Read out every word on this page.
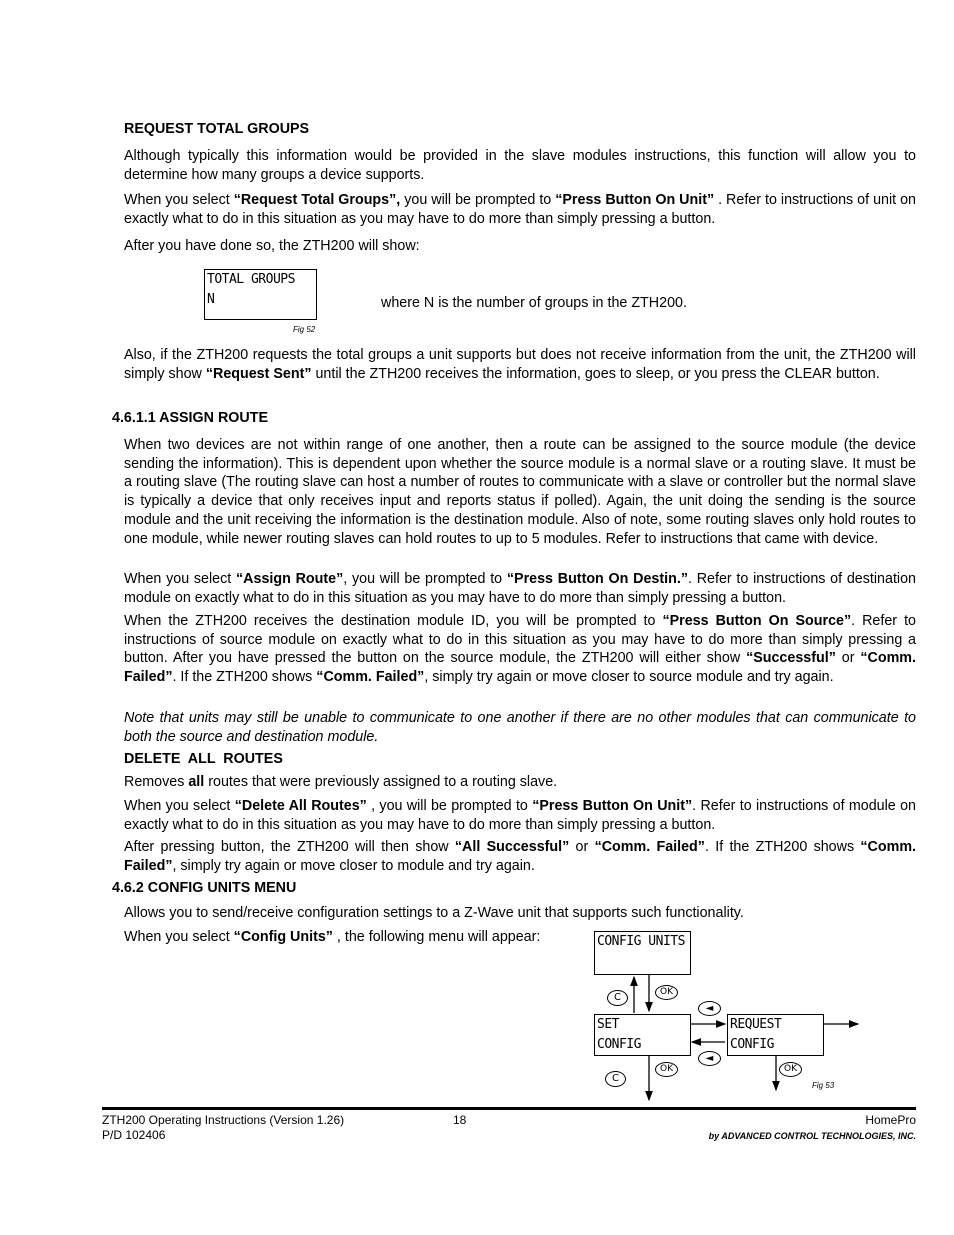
REQUEST TOTAL GROUPS
Although typically this information would be provided in the slave modules instructions, this function will allow you to determine how many groups a device supports.
When you select “Request Total Groups”, you will be prompted to “Press Button On Unit” . Refer to instructions of unit on exactly what to do in this situation as you may have to do more than simply pressing a button.
After you have done so, the ZTH200 will show:
TOTAL GROUPS
N
Fig 52
where N is the number of groups in the ZTH200.
Also, if the ZTH200 requests the total groups a unit supports but does not receive information from the unit, the ZTH200 will simply show “Request Sent” until the ZTH200 receives the information, goes to sleep, or you press the CLEAR button.
4.6.1.1 ASSIGN ROUTE
When two devices are not within range of one another, then a route can be assigned to the source module (the device sending the information). This is dependent upon whether the source module is a normal slave or a routing slave. It must be a routing slave (The routing slave can host a number of routes to communicate with a slave or controller but the normal slave is typically a device that only receives input and reports status if polled). Again, the unit doing the sending is the source module and the unit receiving the information is the destination module. Also of note, some routing slaves only hold routes to one module, while newer routing slaves can hold routes to up to 5 modules. Refer to instructions that came with device.
When you select “Assign Route”, you will be prompted to “Press Button On Destin.”. Refer to instructions of destination module on exactly what to do in this situation as you may have to do more than simply pressing a button.
When the ZTH200 receives the destination module ID, you will be prompted to “Press Button On Source”. Refer to instructions of source module on exactly what to do in this situation as you may have to do more than simply pressing a button. After you have pressed the button on the source module, the ZTH200 will either show “Successful” or “Comm. Failed”. If the ZTH200 shows “Comm. Failed”, simply try again or move closer to source module and try again.
Note that units may still be unable to communicate to one another if there are no other modules that can communicate to both the source and destination module.
DELETE  ALL  ROUTES
Removes all routes that were previously assigned to a routing slave.
When you select “Delete All Routes” , you will be prompted to “Press Button On Unit”. Refer to instructions of module on exactly what to do in this situation as you may have to do more than simply pressing a button.
After pressing button, the ZTH200 will then show “All Successful” or “Comm. Failed”. If the ZTH200 shows “Comm. Failed”, simply try again or move closer to module and try again.
4.6.2 CONFIG UNITS MENU
Allows you to send/receive configuration settings to a Z-Wave unit that supports such functionality.
When you select “Config Units” , the following menu will appear:	CONFIG UNITS
SET
CONFIG
REQUEST
CONFIG
C	OK
◄
◄
C
OK	OK
Fig 53
ZTH200 Operating Instructions (Version 1.26)
P/D 102406
18	HomePro
by ADVANCED CONTROL TECHNOLOGIES, INC.
